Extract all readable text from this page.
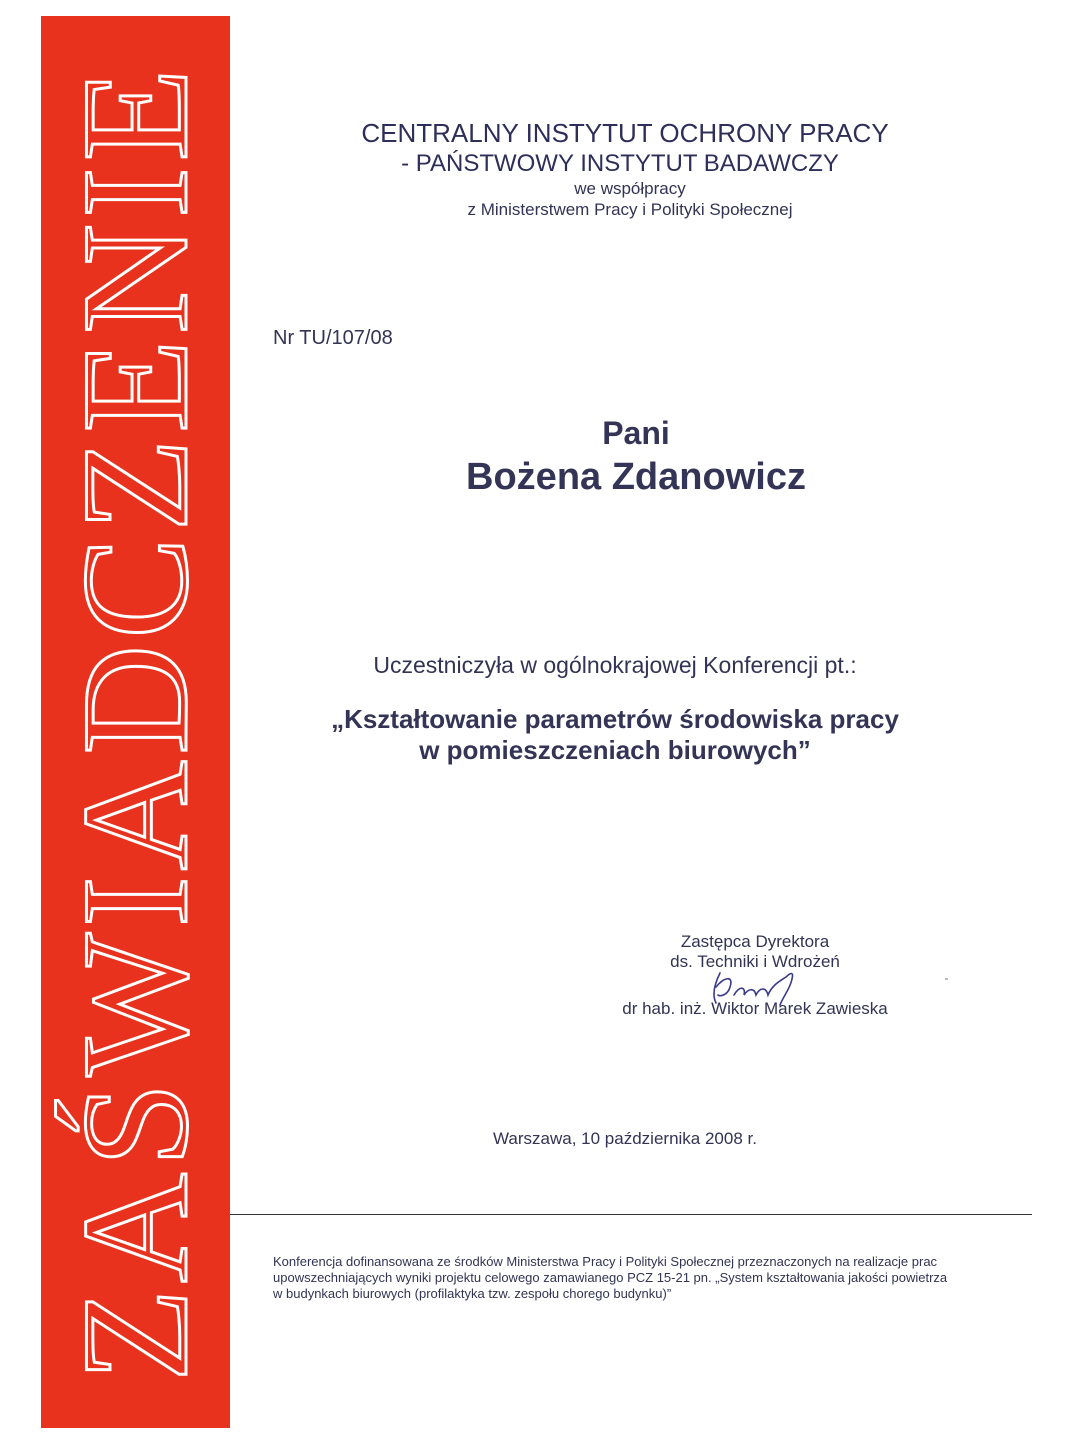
ZAŚWIADCZENIE	CENTRALNY INSTYTUT OCHRONY PRACY
- PAŃSTWOWY INSTYTUT BADAWCZY
we współpracy
z Ministerstwem Pracy i Polityki Społecznej
Nr TU/107/08
Pani
Bożena Zdanowicz
Uczestniczyła w ogólnokrajowej Konferencji pt.:
„Kształtowanie parametrów środowiska pracy
w pomieszczeniach biurowych”
Zastępca Dyrektora
ds. Techniki i Wdrożeń
dr hab. inż. Wiktor Marek Zawieska
Warszawa, 10 października 2008 r.
Konferencja dofinansowana ze środków Ministerstwa Pracy i Polityki Społecznej przeznaczonych na realizacje prac
upowszechniających wyniki projektu celowego zamawianego PCZ 15-21 pn. „System kształtowania jakości powietrza
w budynkach biurowych (profilaktyka tzw. zespołu chorego budynku)”
